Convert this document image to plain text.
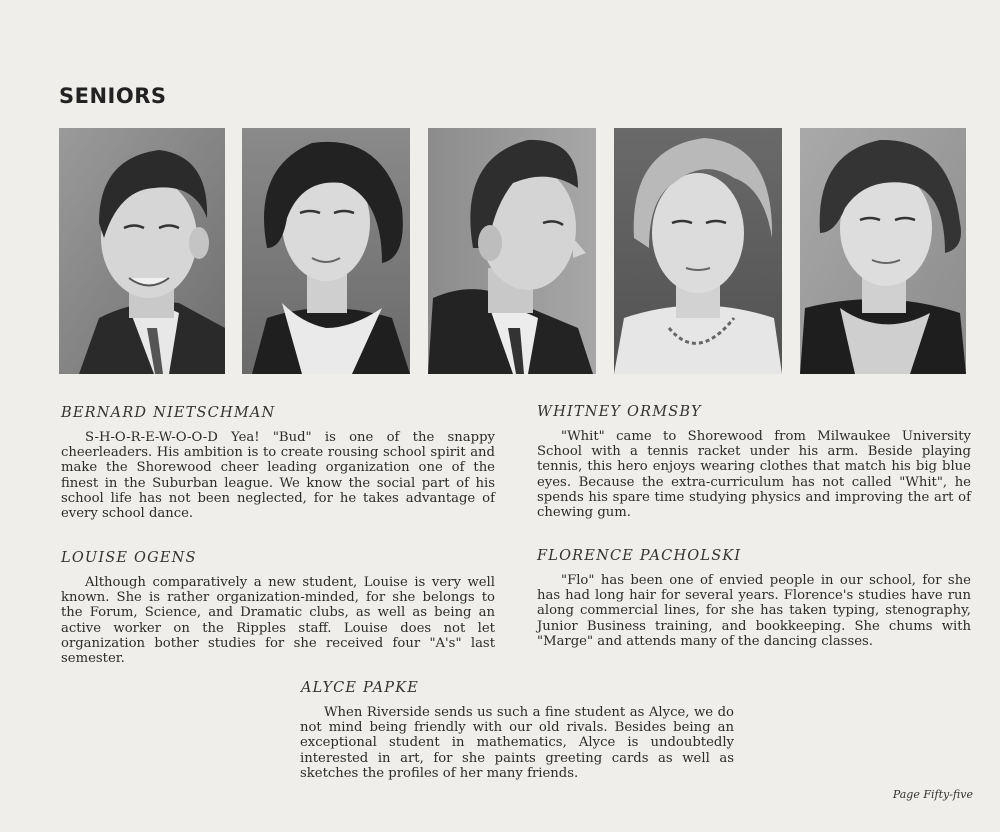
SENIORS
BERNARD NIETSCHMAN

S-H-O-R-E-W-O-O-D Yea! "Bud" is one of the snappy cheerleaders. His ambition is to create rousing school spirit and make the Shorewood cheer leading organization one of the finest in the Suburban league. We know the social part of his school life has not been neglected, for he takes advantage of every school dance.

WHITNEY ORMSBY

"Whit" came to Shorewood from Milwaukee University School with a tennis racket under his arm. Beside playing tennis, this hero enjoys wearing clothes that match his big blue eyes. Because the extra-curriculum has not called "Whit", he spends his spare time studying physics and improving the art of chewing gum.

LOUISE OGENS

Although comparatively a new student, Louise is very well known. She is rather organization-minded, for she belongs to the Forum, Science, and Dramatic clubs, as well as being an active worker on the Ripples staff. Louise does not let organization bother studies for she received four "A's" last semester.

FLORENCE PACHOLSKI

"Flo" has been one of envied people in our school, for she has had long hair for several years. Florence's studies have run along commercial lines, for she has taken typing, stenography, Junior Business training, and bookkeeping. She chums with "Marge" and attends many of the dancing classes.

ALYCE PAPKE

When Riverside sends us such a fine student as Alyce, we do not mind being friendly with our old rivals. Besides being an exceptional student in mathematics, Alyce is undoubtedly interested in art, for she paints greeting cards as well as sketches the profiles of her many friends.

Page Fifty-five
